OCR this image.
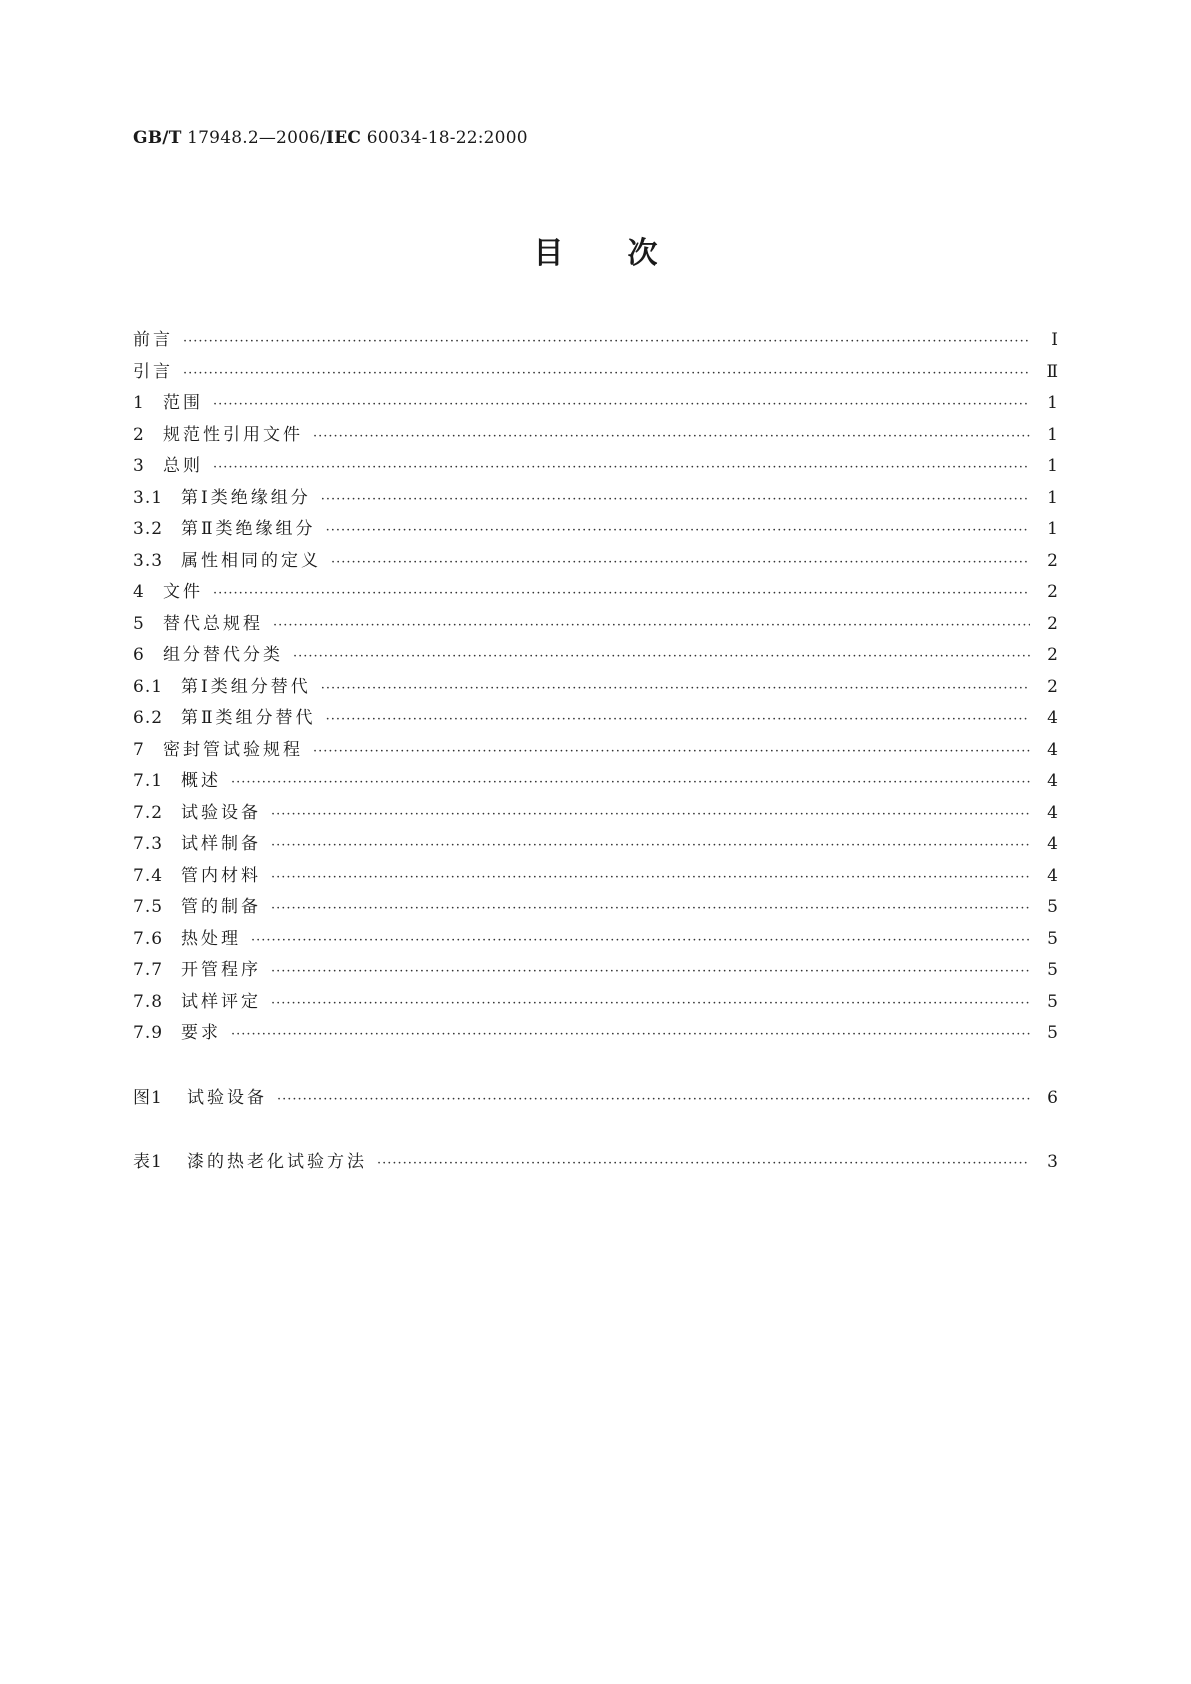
GB/T 17948.2—2006/IEC 60034-18-22:2000
目 次
前言 ·····	Ⅰ
引言 ·····	Ⅱ
1	范围 ·····	1
2	规范性引用文件 ·····	1
3	总则 ·····	1
3.1	第Ⅰ类绝缘组分 ·····	1
3.2	第Ⅱ类绝缘组分 ·····	1
3.3	属性相同的定义 ·····	2
4	文件 ·····	2
5	替代总规程 ·····	2
6	组分替代分类 ·····	2
6.1	第Ⅰ类组分替代 ·····	2
6.2	第Ⅱ类组分替代 ·····	4
7	密封管试验规程 ·····	4
7.1	概述 ·····	4
7.2	试验设备 ·····	4
7.3	试样制备 ·····	4
7.4	管内材料 ·····	4
7.5	管的制备 ·····	5
7.6	热处理 ·····	5
7.7	开管程序 ·····	5
7.8	试样评定 ·····	5
7.9	要求 ·····	5
图1	试验设备 ·····	6
表1	漆的热老化试验方法 ·····	3
